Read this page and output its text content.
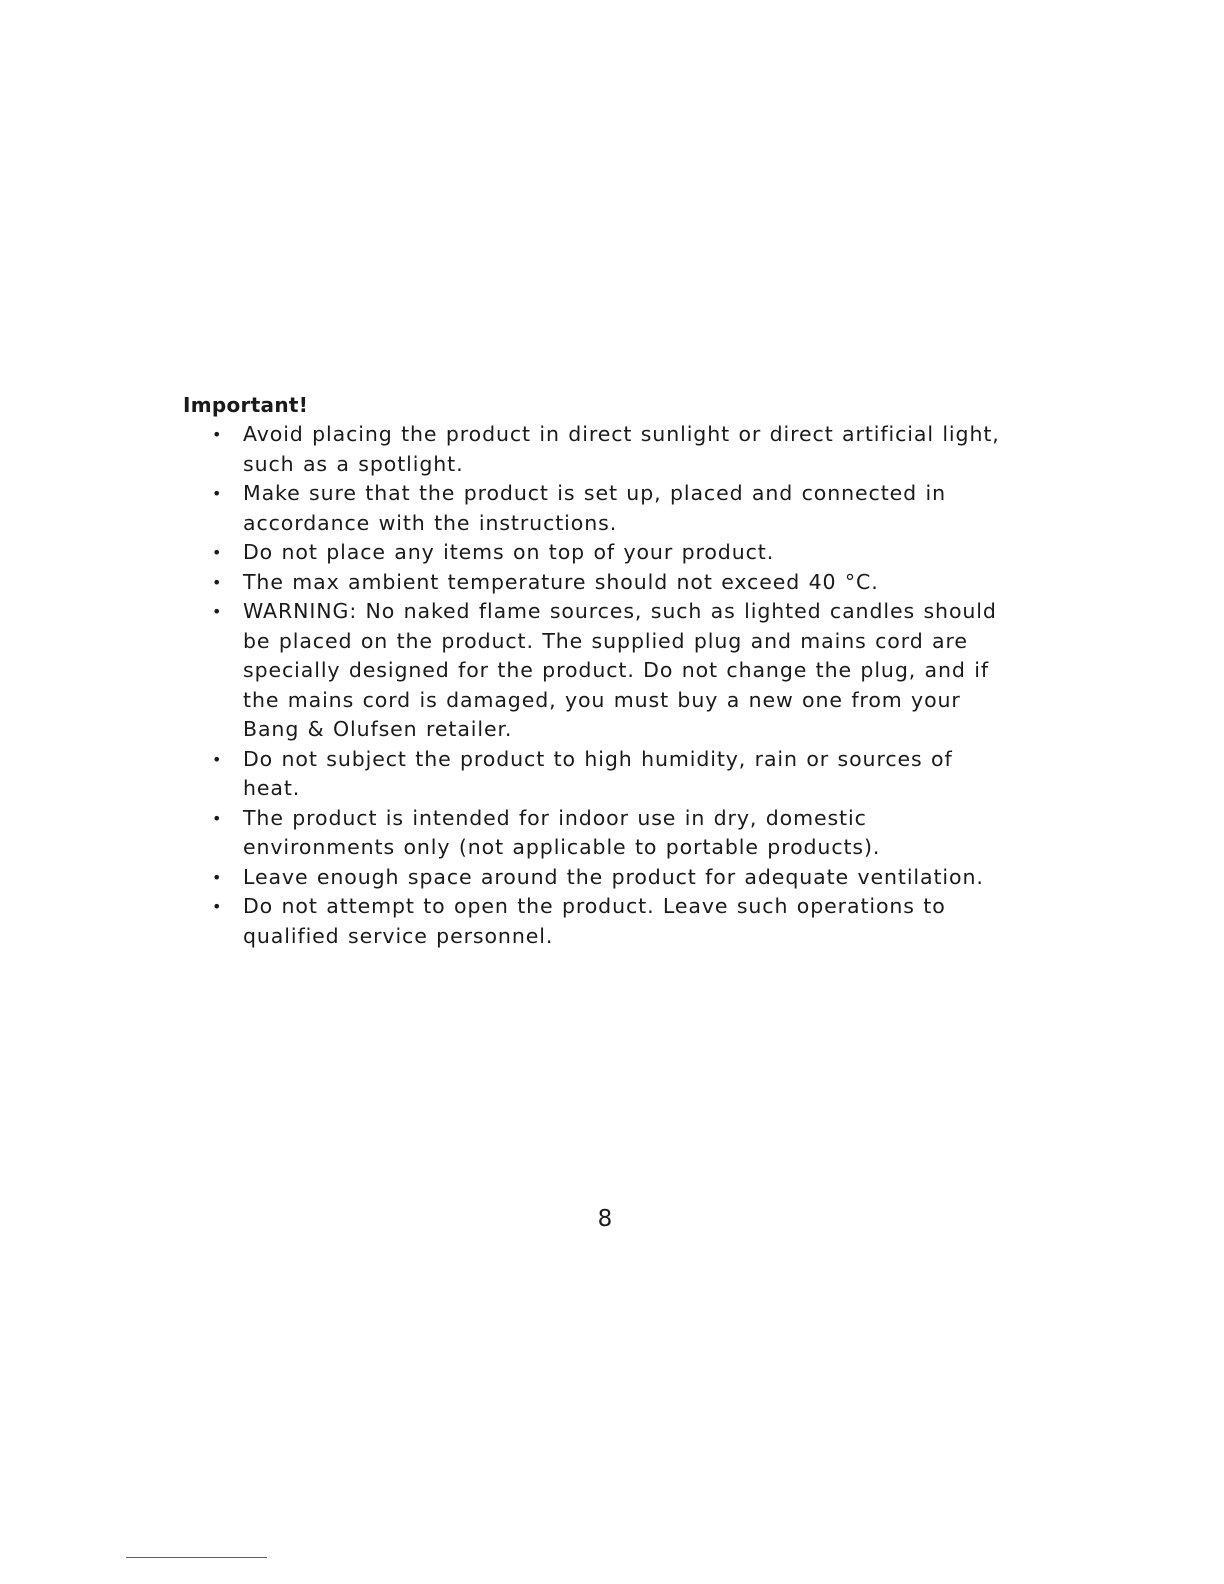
Important!
• Avoid placing the product in direct sunlight or direct artificial light, such as a spotlight.
• Make sure that the product is set up, placed and connected in accordance with the instructions.
• Do not place any items on top of your product.
• The max ambient temperature should not exceed 40 °C.
• WARNING: No naked flame sources, such as lighted candles should be placed on the product. The supplied plug and mains cord are specially designed for the product. Do not change the plug, and if the mains cord is damaged, you must buy a new one from your Bang & Olufsen retailer.
• Do not subject the product to high humidity, rain or sources of heat.
• The product is intended for indoor use in dry, domestic environments only (not applicable to portable products).
• Leave enough space around the product for adequate ventilation.
• Do not attempt to open the product. Leave such operations to qualified service personnel.

8
